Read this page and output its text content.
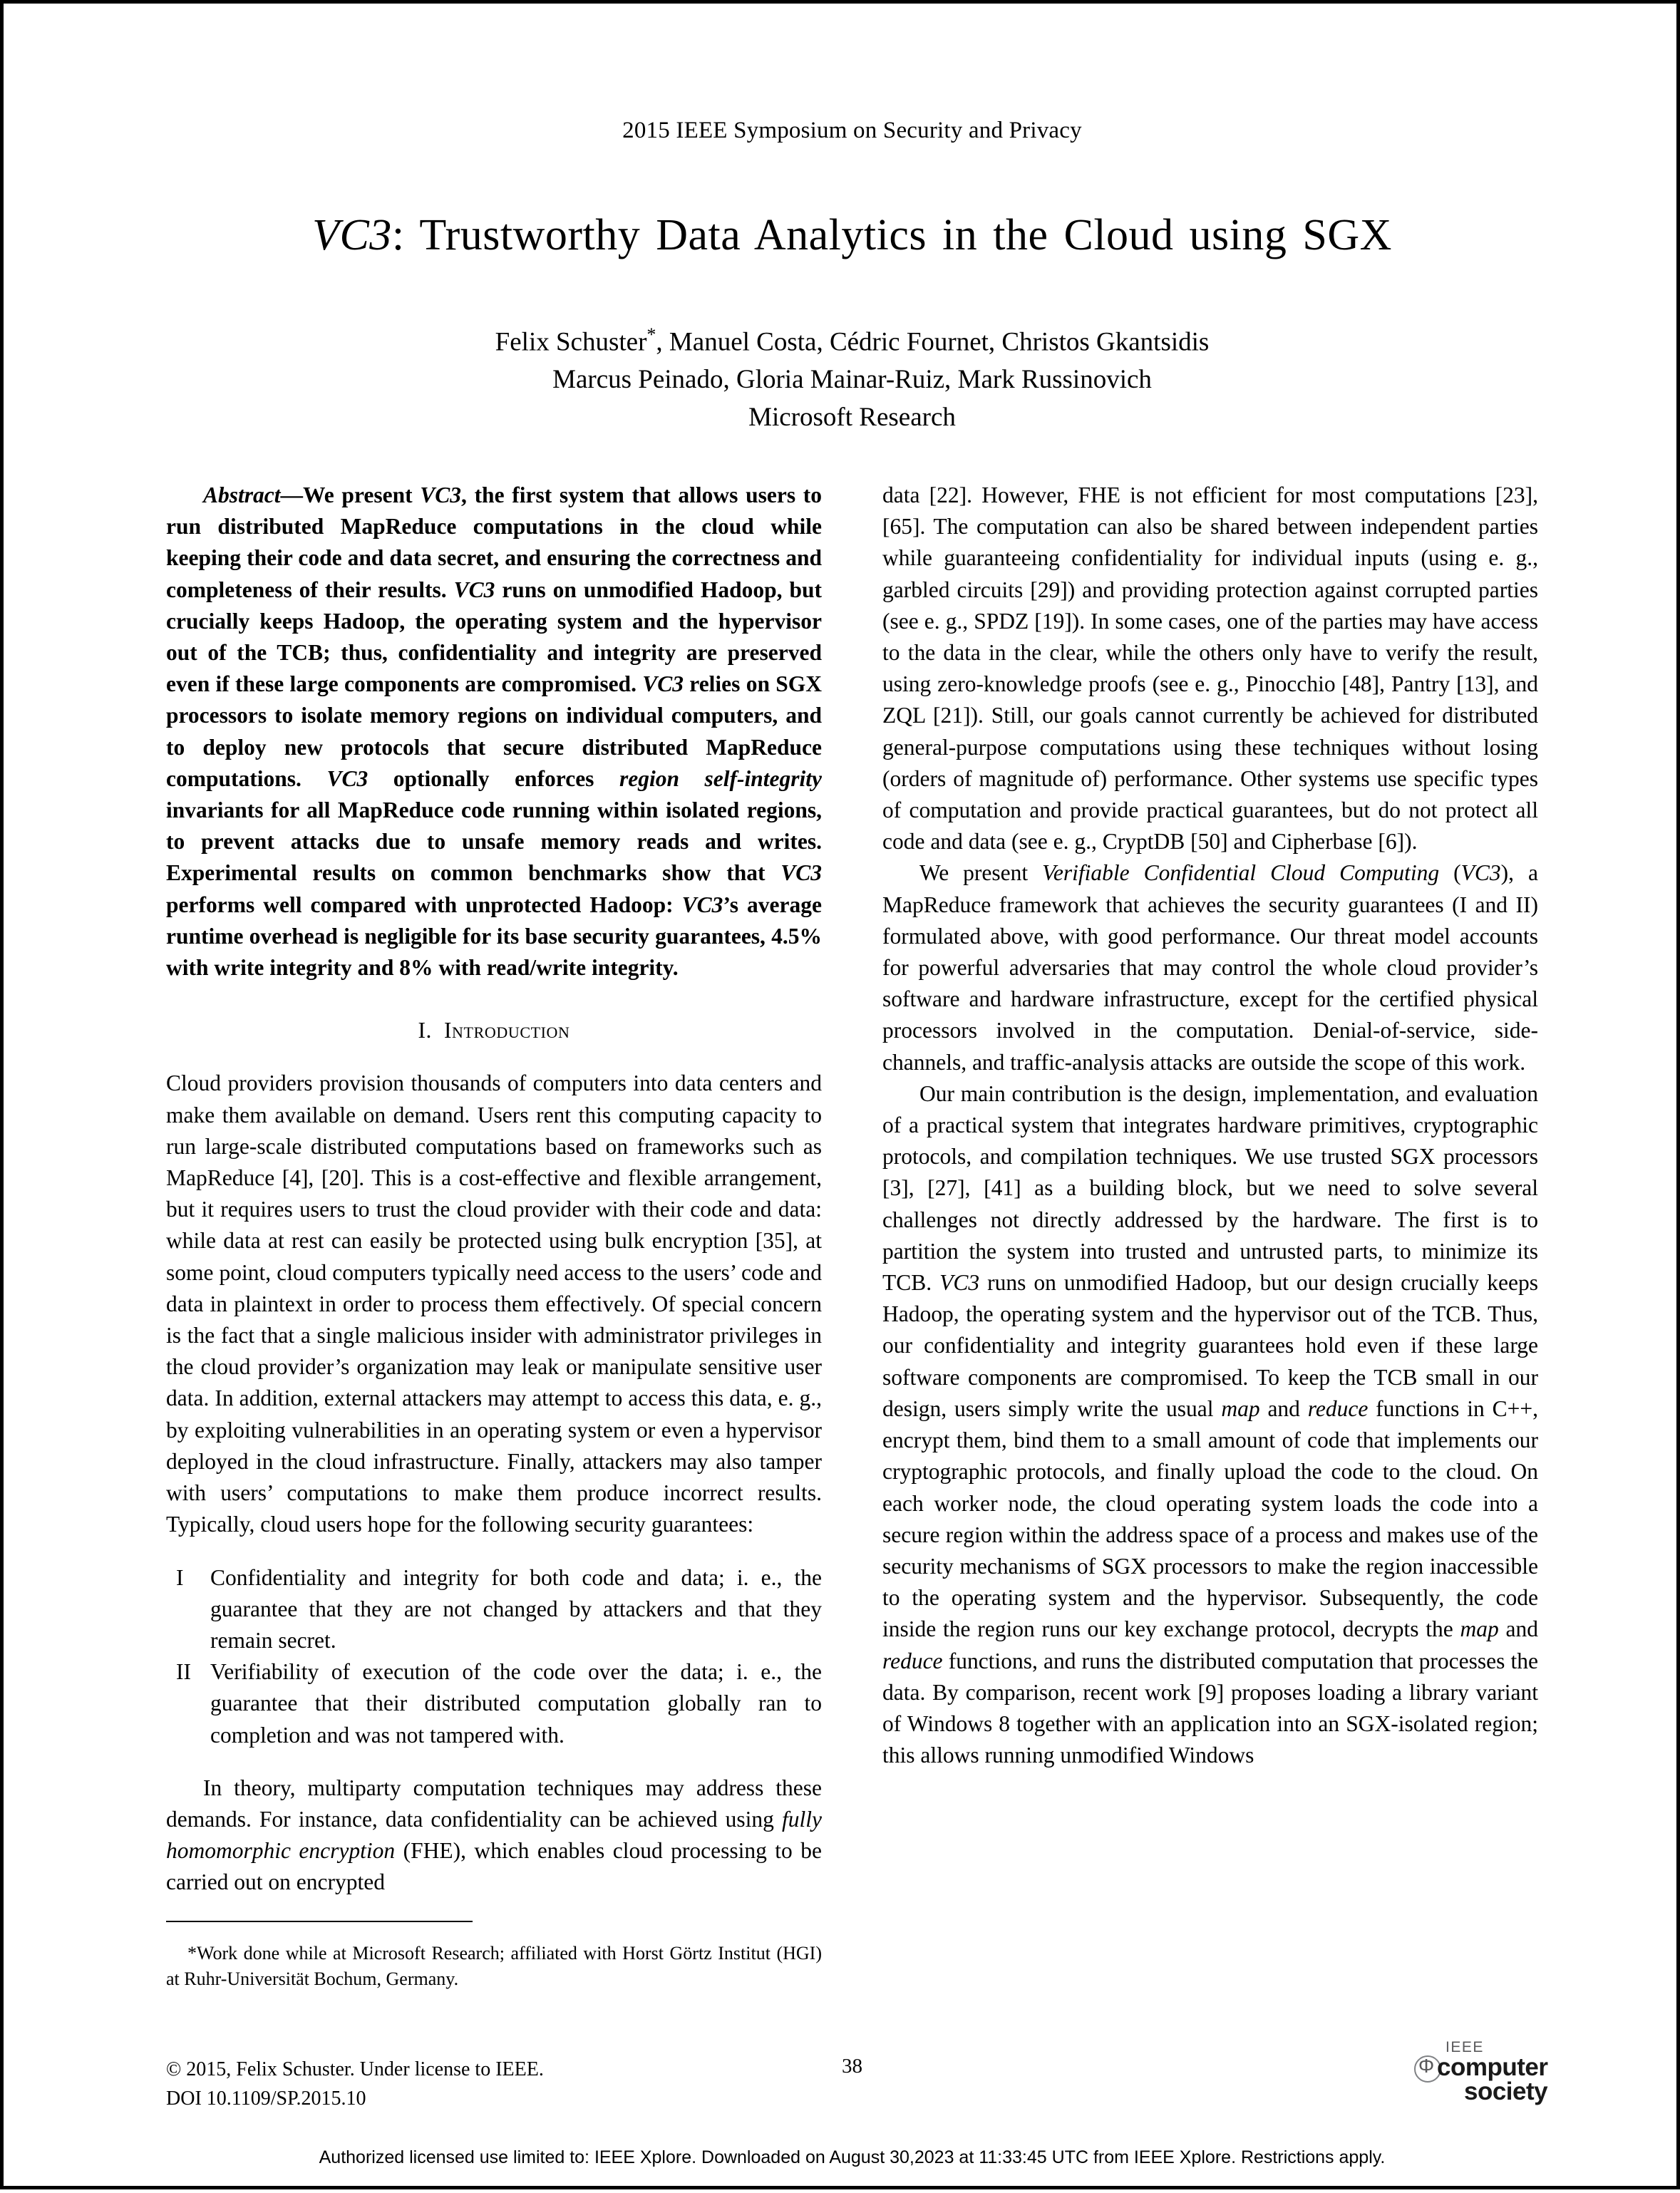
2015 IEEE Symposium on Security and Privacy
VC3: Trustworthy Data Analytics in the Cloud using SGX
Felix Schuster*, Manuel Costa, Cédric Fournet, Christos Gkantsidis
Marcus Peinado, Gloria Mainar-Ruiz, Mark Russinovich
Microsoft Research

Abstract—We present VC3, the first system that allows users to run distributed MapReduce computations in the cloud while keeping their code and data secret, and ensuring the correctness and completeness of their results. VC3 runs on unmodified Hadoop, but crucially keeps Hadoop, the operating system and the hypervisor out of the TCB; thus, confidentiality and integrity are preserved even if these large components are compromised. VC3 relies on SGX processors to isolate memory regions on individual computers, and to deploy new protocols that secure distributed MapReduce computations. VC3 optionally enforces region self-integrity invariants for all MapReduce code running within isolated regions, to prevent attacks due to unsafe memory reads and writes. Experimental results on common benchmarks show that VC3 performs well compared with unprotected Hadoop: VC3’s average runtime overhead is negligible for its base security guarantees, 4.5% with write integrity and 8% with read/write integrity.

I. Introduction

Cloud providers provision thousands of computers into data centers and make them available on demand. Users rent this computing capacity to run large-scale distributed computations based on frameworks such as MapReduce [4], [20]. This is a cost-effective and flexible arrangement, but it requires users to trust the cloud provider with their code and data: while data at rest can easily be protected using bulk encryption [35], at some point, cloud computers typically need access to the users’ code and data in plaintext in order to process them effectively. Of special concern is the fact that a single malicious insider with administrator privileges in the cloud provider’s organization may leak or manipulate sensitive user data. In addition, external attackers may attempt to access this data, e. g., by exploiting vulnerabilities in an operating system or even a hypervisor deployed in the cloud infrastructure. Finally, attackers may also tamper with users’ computations to make them produce incorrect results. Typically, cloud users hope for the following security guarantees:

I	Confidentiality and integrity for both code and data; i. e., the guarantee that they are not changed by attackers and that they remain secret.
II Verifiability of execution of the code over the data; i. e., the guarantee that their distributed computation globally ran to completion and was not tampered with.

In theory, multiparty computation techniques may address these demands. For instance, data confidentiality can be achieved using fully homomorphic encryption (FHE), which enables cloud processing to be carried out on encrypted

*Work done while at Microsoft Research; affiliated with Horst Görtz Institut (HGI) at Ruhr-Universität Bochum, Germany.

data [22]. However, FHE is not efficient for most computations [23], [65]. The computation can also be shared between independent parties while guaranteeing confidentiality for individual inputs (using e. g., garbled circuits [29]) and providing protection against corrupted parties (see e. g., SPDZ [19]). In some cases, one of the parties may have access to the data in the clear, while the others only have to verify the result, using zero-knowledge proofs (see e. g., Pinocchio [48], Pantry [13], and ZQL [21]). Still, our goals cannot currently be achieved for distributed general-purpose computations using these techniques without losing (orders of magnitude of) performance. Other systems use specific types of computation and provide practical guarantees, but do not protect all code and data (see e. g., CryptDB [50] and Cipherbase [6]).

We present Verifiable Confidential Cloud Computing (VC3), a MapReduce framework that achieves the security guarantees (I and II) formulated above, with good performance. Our threat model accounts for powerful adversaries that may control the whole cloud provider’s software and hardware infrastructure, except for the certified physical processors involved in the computation. Denial-of-service, side-channels, and traffic-analysis attacks are outside the scope of this work.

Our main contribution is the design, implementation, and evaluation of a practical system that integrates hardware primitives, cryptographic protocols, and compilation techniques. We use trusted SGX processors [3], [27], [41] as a building block, but we need to solve several challenges not directly addressed by the hardware. The first is to partition the system into trusted and untrusted parts, to minimize its TCB. VC3 runs on unmodified Hadoop, but our design crucially keeps Hadoop, the operating system and the hypervisor out of the TCB. Thus, our confidentiality and integrity guarantees hold even if these large software components are compromised. To keep the TCB small in our design, users simply write the usual map and reduce functions in C++, encrypt them, bind them to a small amount of code that implements our cryptographic protocols, and finally upload the code to the cloud. On each worker node, the cloud operating system loads the code into a secure region within the address space of a process and makes use of the security mechanisms of SGX processors to make the region inaccessible to the operating system and the hypervisor. Subsequently, the code inside the region runs our key exchange protocol, decrypts the map and reduce functions, and runs the distributed computation that processes the data. By comparison, recent work [9] proposes loading a library variant of Windows 8 together with an application into an SGX-isolated region; this allows running unmodified Windows

© 2015, Felix Schuster. Under license to IEEE.
DOI 10.1109/SP.2015.10
38
IEEE
Φ computer
society
Authorized licensed use limited to: IEEE Xplore. Downloaded on August 30,2023 at 11:33:45 UTC from IEEE Xplore. Restrictions apply.
